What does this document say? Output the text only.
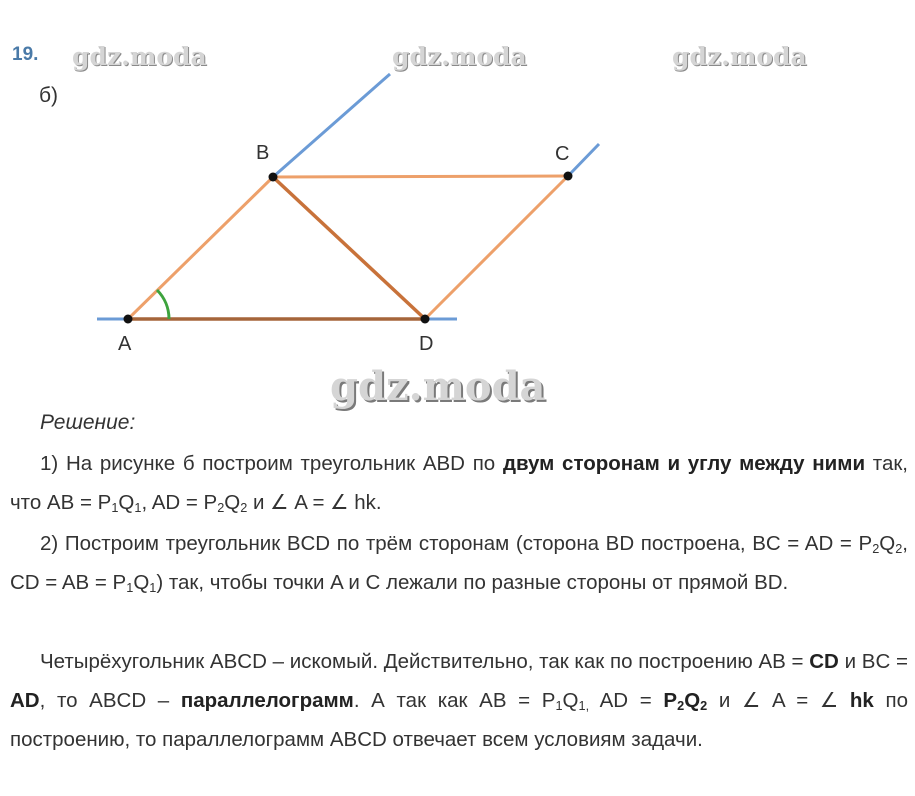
19. gdz.moda	gdz.moda	gdz.moda
б)
B	C
A	D
gdz.moda
Решение:
1) На рисунке б построим треугольник ABD по двум сторонам и углу между ними так, что AB = $P_1Q_1$, AD = $P_2Q_2$ и ∠ A = ∠ hk.
2) Построим треугольник BCD по трём сторонам (сторона BD построена, BC = AD = $P_2Q_2$, CD = AB = $P_1Q_1$) так, чтобы точки A и C лежали по разные стороны от прямой BD.
Четырёхугольник ABCD – искомый. Действительно, так как по построению AB = CD и BC = AD, то ABCD – параллелограмм. А так как AB = $P_1Q_{1,}$ AD = $P_2Q_2$ и ∠ A = ∠ hk по построению, то параллелограмм ABCD отвечает всем условиям задачи.
